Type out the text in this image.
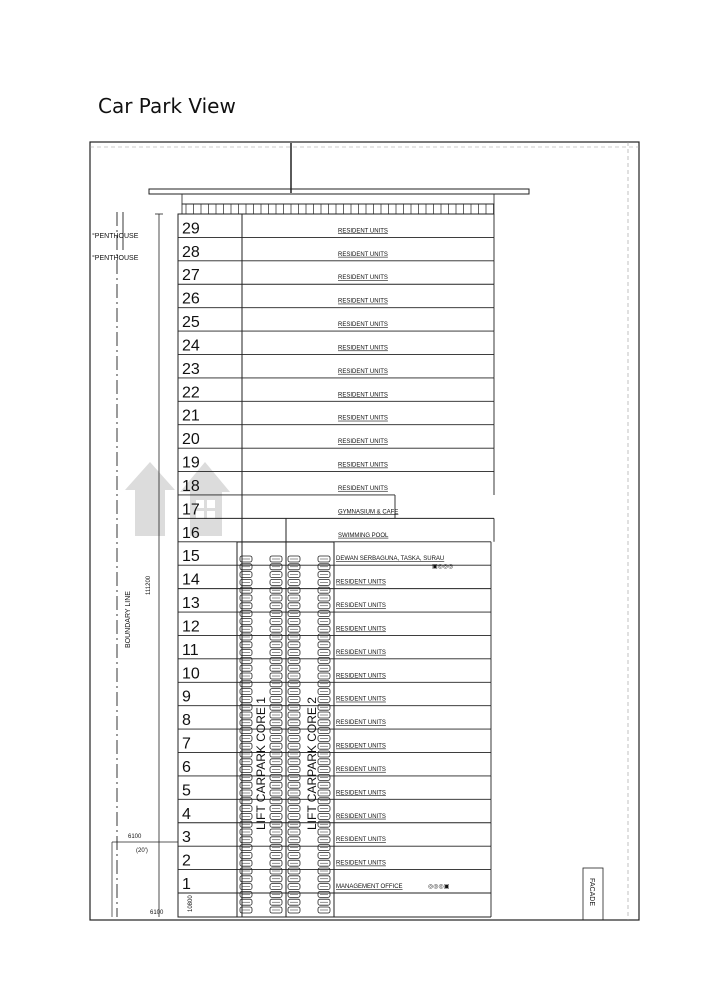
Car Park View
111200
BOUNDARY LINE
°PENTHOUSE
°PENTHOUSE
6100
(20')
6100
10800
29	RESIDENT UNITS
28	RESIDENT UNITS
27	RESIDENT UNITS
26	RESIDENT UNITS
25	RESIDENT UNITS
24	RESIDENT UNITS
23	RESIDENT UNITS
22	RESIDENT UNITS
21	RESIDENT UNITS
20	RESIDENT UNITS
19	RESIDENT UNITS
18	RESIDENT UNITS
17	GYMNASIUM & CAFE
16	SWIMMING POOL
15	DEWAN SERBAGUNA, TASKA, SURAU
14	RESIDENT UNITS
13	RESIDENT UNITS
12	RESIDENT UNITS
11	RESIDENT UNITS
10	RESIDENT UNITS
9	RESIDENT UNITS
8	RESIDENT UNITS
7	RESIDENT UNITS
6	RESIDENT UNITS
5	RESIDENT UNITS
4	RESIDENT UNITS
3	RESIDENT UNITS
2	RESIDENT UNITS
1	MANAGEMENT OFFICE
LIFT CARPARK CORE 1	LIFT CARPARK CORE 2
FACADE
▣◎◎◎
◎◎◎▣
